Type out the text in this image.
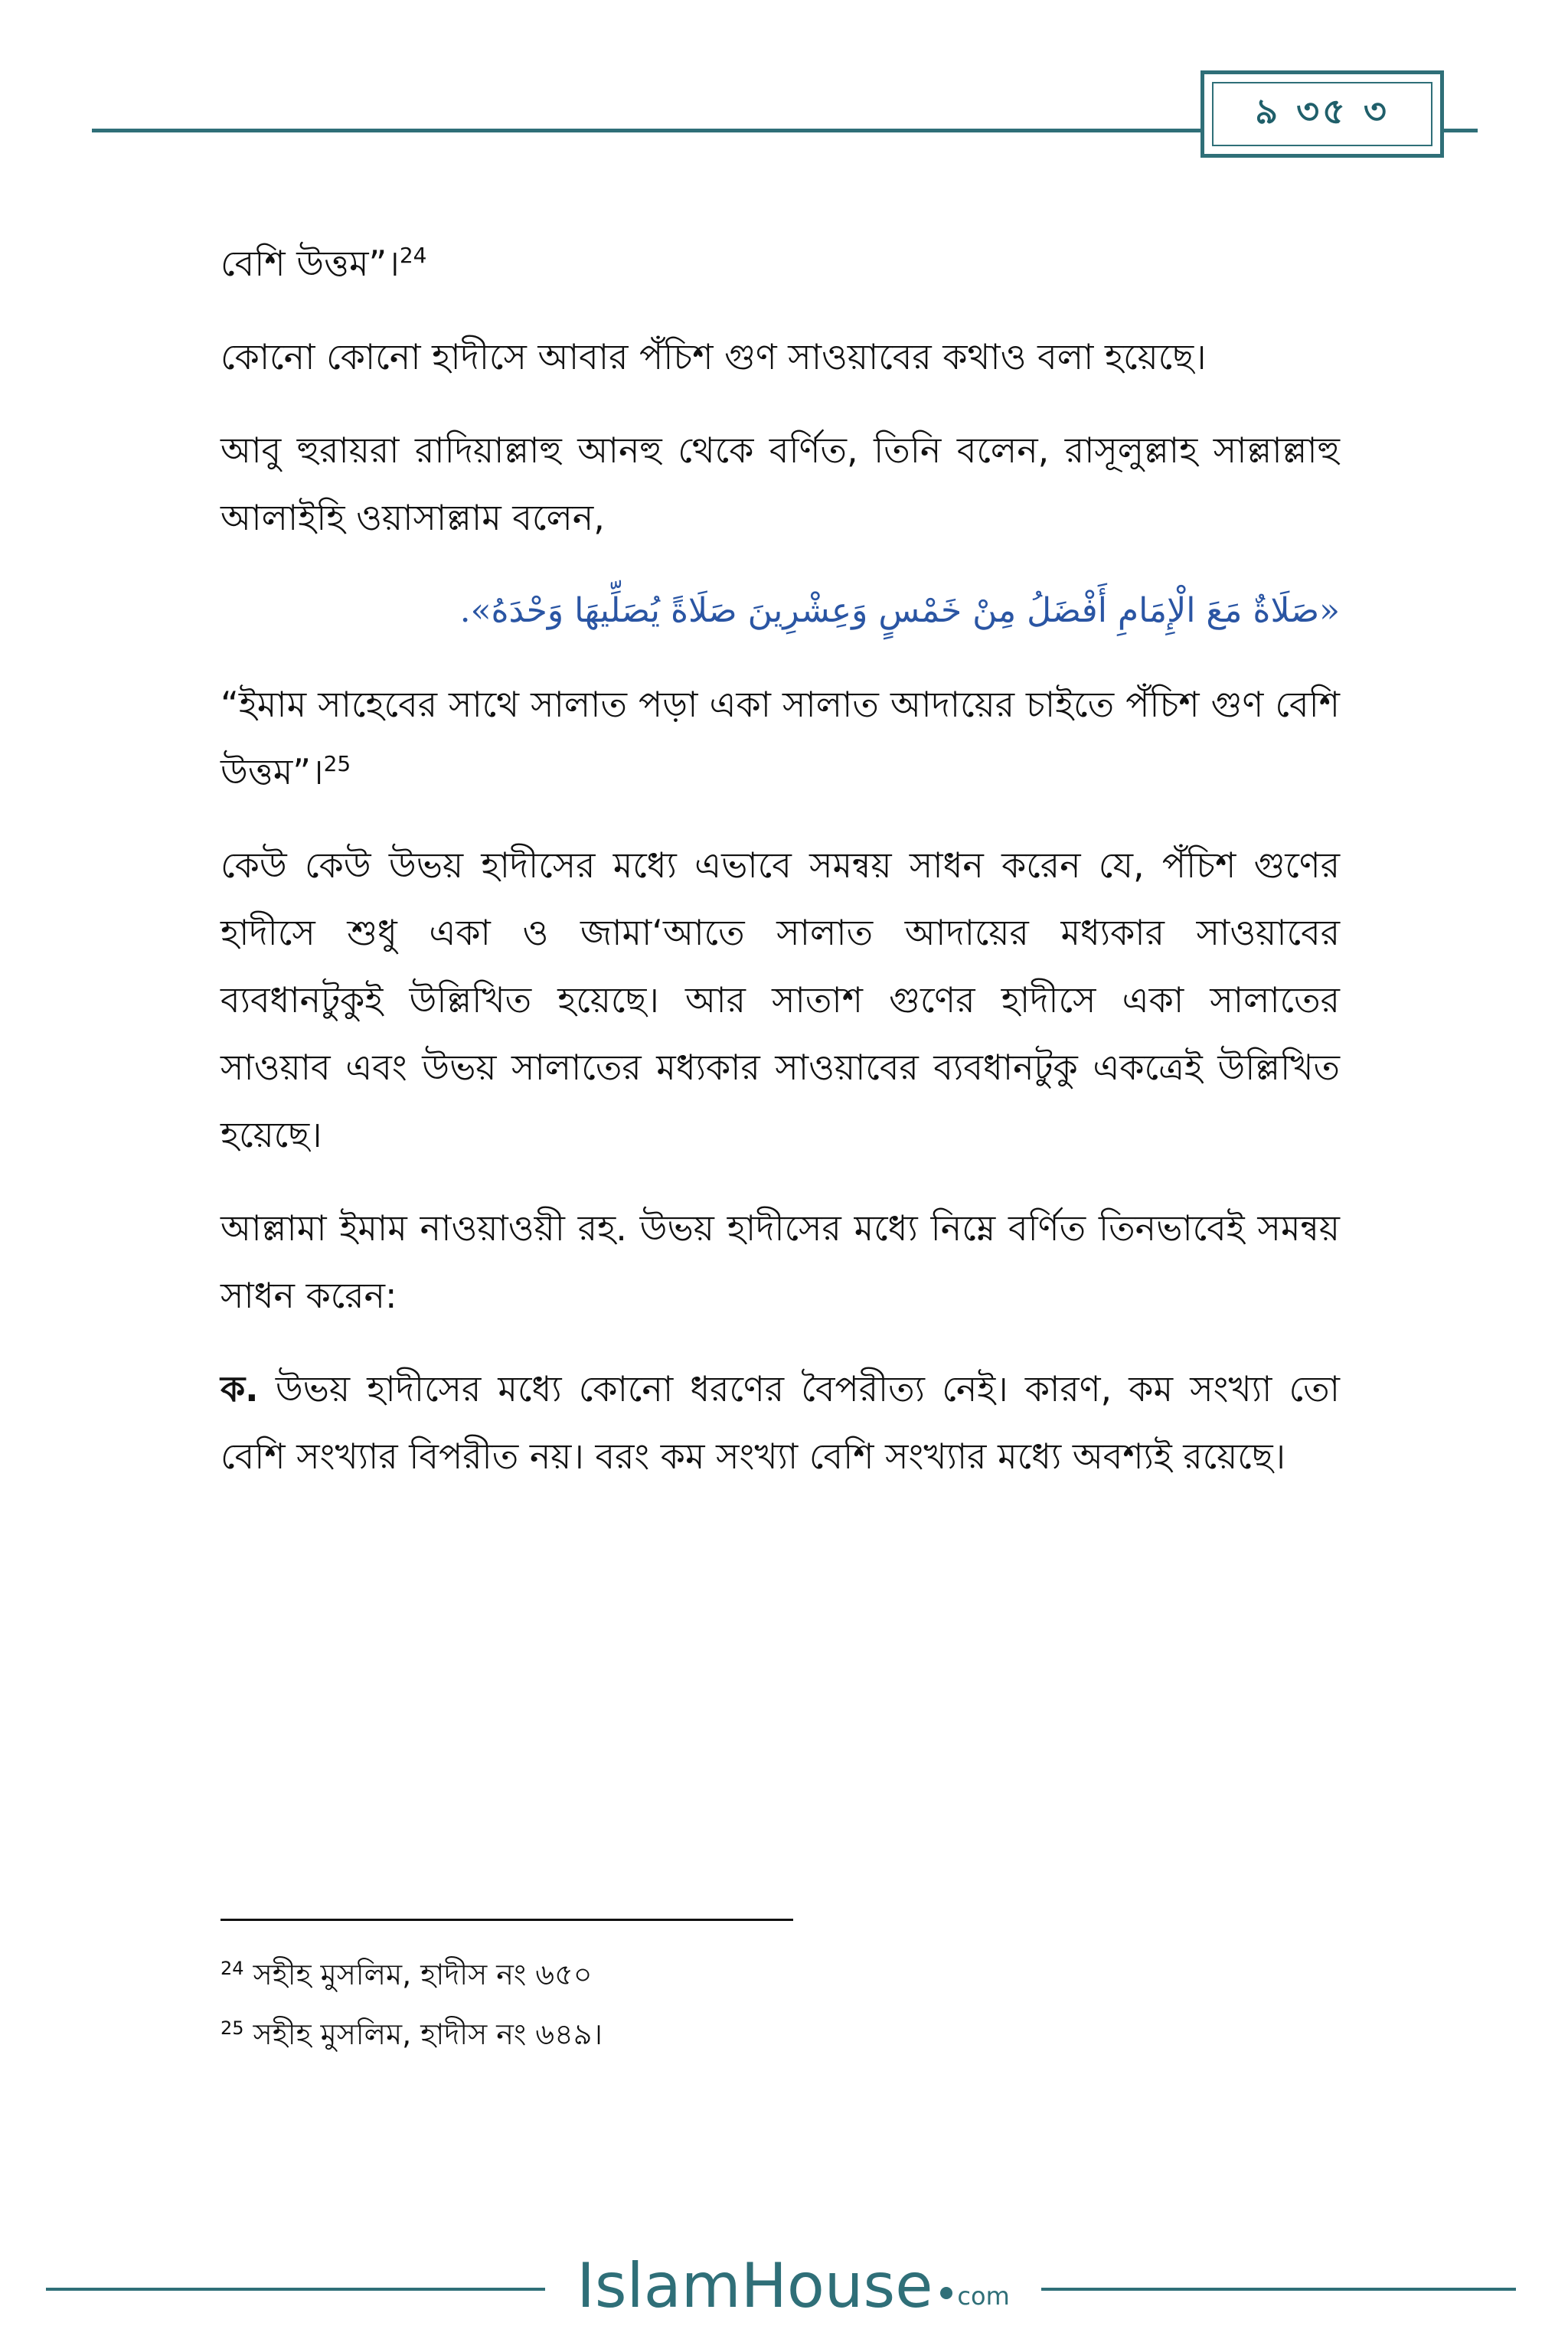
৯ ৩৫ ৩

বেশি উত্তম”।$^{24}$

কোনো কোনো হাদীসে আবার পঁচিশ গুণ সাওয়াবের কথাও বলা হয়েছে।

আবু হুরায়রা রাদিয়াল্লাহু আনহু থেকে বর্ণিত, তিনি বলেন, রাসূলুল্লাহ সাল্লাল্লাহু আলাইহি ওয়াসাল্লাম বলেন,

«صَلَاةٌ مَعَ الْإِمَامِ أَفْضَلُ مِنْ خَمْسٍ وَعِشْرِينَ صَلَاةً يُصَلِّيهَا وَحْدَهُ».

“ইমাম সাহেবের সাথে সালাত পড়া একা সালাত আদায়ের চাইতে পঁচিশ গুণ বেশি উত্তম”।$^{25}$

কেউ কেউ উভয় হাদীসের মধ্যে এভাবে সমন্বয় সাধন করেন যে, পঁচিশ গুণের হাদীসে শুধু একা ও জামা‘আতে সালাত আদায়ের মধ্যকার সাওয়াবের ব্যবধানটুকুই উল্লিখিত হয়েছে। আর সাতাশ গুণের হাদীসে একা সালাতের সাওয়াব এবং উভয় সালাতের মধ্যকার সাওয়াবের ব্যবধানটুকু একত্রেই উল্লিখিত হয়েছে।

আল্লামা ইমাম নাওয়াওয়ী রহ. উভয় হাদীসের মধ্যে নিম্নে বর্ণিত তিনভাবেই সমন্বয় সাধন করেন:

ক. উভয় হাদীসের মধ্যে কোনো ধরণের বৈপরীত্য নেই। কারণ, কম সংখ্যা তো বেশি সংখ্যার বিপরীত নয়। বরং কম সংখ্যা বেশি সংখ্যার মধ্যে অবশ্যই রয়েছে।

$^{24}$ সহীহ মুসলিম, হাদীস নং ৬৫০
$^{25}$ সহীহ মুসলিম, হাদীস নং ৬৪৯।
IslamHouse com
